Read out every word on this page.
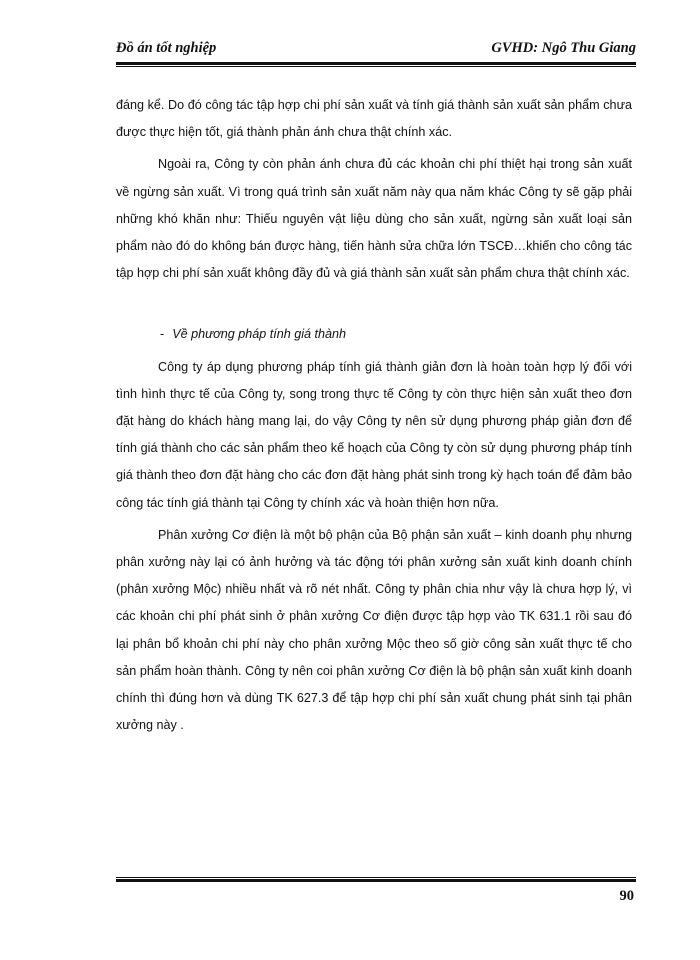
Đồ án tốt nghiệp	GVHD: Ngô Thu Giang

đáng kể. Do đó công tác tập hợp chi phí sản xuất và tính giá thành sản xuất sản phẩm chưa được thực hiện tốt, giá thành phản ánh chưa thật chính xác.

Ngoài ra, Công ty còn phản ánh chưa đủ các khoản chi phí thiệt hại trong sản xuất về ngừng sản xuất. Vì trong quá trình sản xuất năm này qua năm khác Công ty sẽ gặp phải những khó khăn như: Thiếu nguyên vật liệu dùng cho sản xuất, ngừng sản xuất loại sản phẩm nào đó do không bán được hàng, tiến hành sửa chữa lớn TSCĐ…khiến cho công tác tập hợp chi phí sản xuất không đầy đủ và giá thành sản xuất sản phẩm chưa thật chính xác.

- Về phương pháp tính giá thành

Công ty áp dụng phương pháp tính giá thành giản đơn là hoàn toàn hợp lý đối với tình hình thực tế của Công ty, song trong thực tế Công ty còn thực hiện sản xuất theo đơn đặt hàng do khách hàng mang lại, do vậy Công ty nên sử dụng phương pháp giản đơn để tính giá thành cho các sản phẩm theo kế hoạch của Công ty còn sử dụng phương pháp tính giá thành theo đơn đặt hàng cho các đơn đặt hàng phát sinh trong kỳ hạch toán để đảm bảo công tác tính giá thành tại Công ty chính xác và hoàn thiện hơn nữa.

Phân xưởng Cơ điện là một bộ phận của Bộ phận sản xuất – kinh doanh phụ nhưng phân xưởng này lại có ảnh hưởng và tác động tới phân xưởng sản xuất kinh doanh chính (phân xưởng Mộc) nhiều nhất và rõ nét nhất. Công ty phân chia như vậy là chưa hợp lý, vì các khoản chi phí phát sinh ở phân xưởng Cơ điện được tập hợp vào TK 631.1 rồi sau đó lại phân bổ khoản chi phí này cho phân xưởng Mộc theo số giờ công sản xuất thực tế cho sản phẩm hoàn thành. Công ty nên coi phân xưởng Cơ điện là bộ phận sản xuất kinh doanh chính thì đúng hơn và dùng TK 627.3 để tập hợp chi phí sản xuất chung phát sinh tại phân xưởng này .

90
